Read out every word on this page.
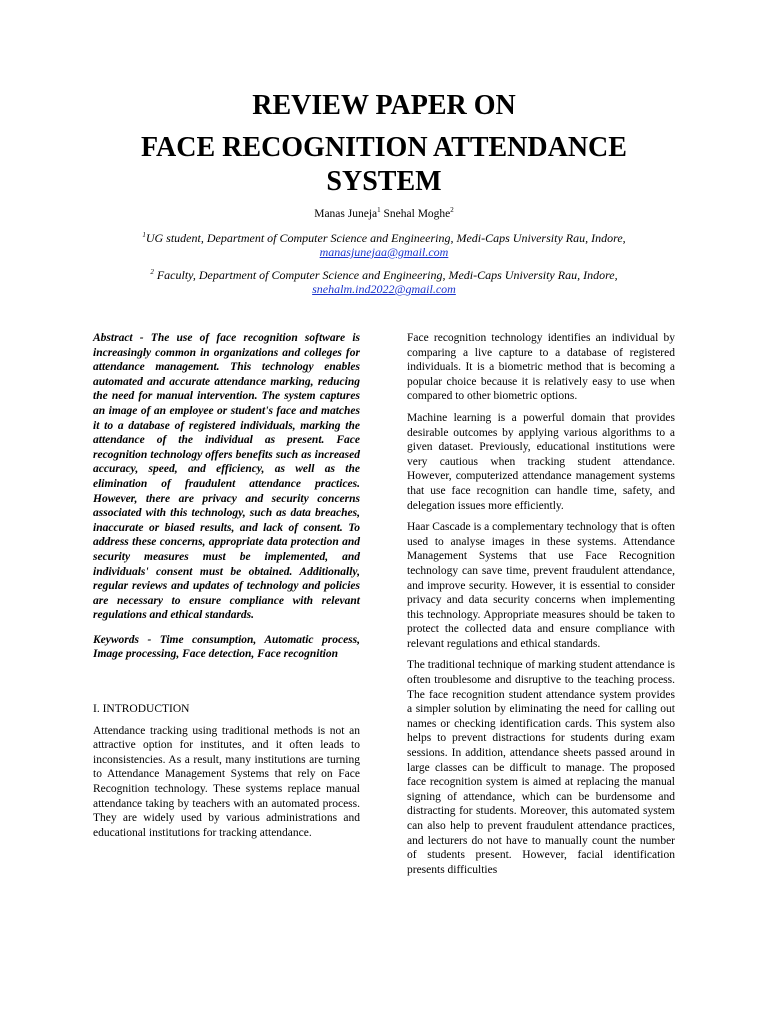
REVIEW PAPER ON
FACE RECOGNITION ATTENDANCE
SYSTEM
Manas Juneja$^1$ Snehal Moghe$^2$
$^1$UG student, Department of Computer Science and Engineering, Medi-Caps University Rau, Indore,
manasjunejaa@gmail.com
$^2$ Faculty, Department of Computer Science and Engineering, Medi-Caps University Rau, Indore,
snehalm.ind2022@gmail.com

Abstract - The use of face recognition software is increasingly common in organizations and colleges for attendance management. This technology enables automated and accurate attendance marking, reducing the need for manual intervention. The system captures an image of an employee or student's face and matches it to a database of registered individuals, marking the attendance of the individual as present. Face recognition technology offers benefits such as increased accuracy, speed, and efficiency, as well as the elimination of fraudulent attendance practices. However, there are privacy and security concerns associated with this technology, such as data breaches, inaccurate or biased results, and lack of consent. To address these concerns, appropriate data protection and security measures must be implemented, and individuals' consent must be obtained. Additionally, regular reviews and updates of technology and policies are necessary to ensure compliance with relevant regulations and ethical standards.

Keywords - Time consumption, Automatic process, Image processing, Face detection, Face recognition

I. INTRODUCTION

Attendance tracking using traditional methods is not an attractive option for institutes, and it often leads to inconsistencies. As a result, many institutions are turning to Attendance Management Systems that rely on Face Recognition technology. These systems replace manual attendance taking by teachers with an automated process. They are widely used by various administrations and educational institutions for tracking attendance.

Face recognition technology identifies an individual by comparing a live capture to a database of registered individuals. It is a biometric method that is becoming a popular choice because it is relatively easy to use when compared to other biometric options.

Machine learning is a powerful domain that provides desirable outcomes by applying various algorithms to a given dataset. Previously, educational institutions were very cautious when tracking student attendance. However, computerized attendance management systems that use face recognition can handle time, safety, and delegation issues more efficiently.

Haar Cascade is a complementary technology that is often used to analyse images in these systems. Attendance Management Systems that use Face Recognition technology can save time, prevent fraudulent attendance, and improve security. However, it is essential to consider privacy and data security concerns when implementing this technology. Appropriate measures should be taken to protect the collected data and ensure compliance with relevant regulations and ethical standards.

The traditional technique of marking student attendance is often troublesome and disruptive to the teaching process. The face recognition student attendance system provides a simpler solution by eliminating the need for calling out names or checking identification cards. This system also helps to prevent distractions for students during exam sessions. In addition, attendance sheets passed around in large classes can be difficult to manage. The proposed face recognition system is aimed at replacing the manual signing of attendance, which can be burdensome and distracting for students. Moreover, this automated system can also help to prevent fraudulent attendance practices, and lecturers do not have to manually count the number of students present. However, facial identification presents difficulties
